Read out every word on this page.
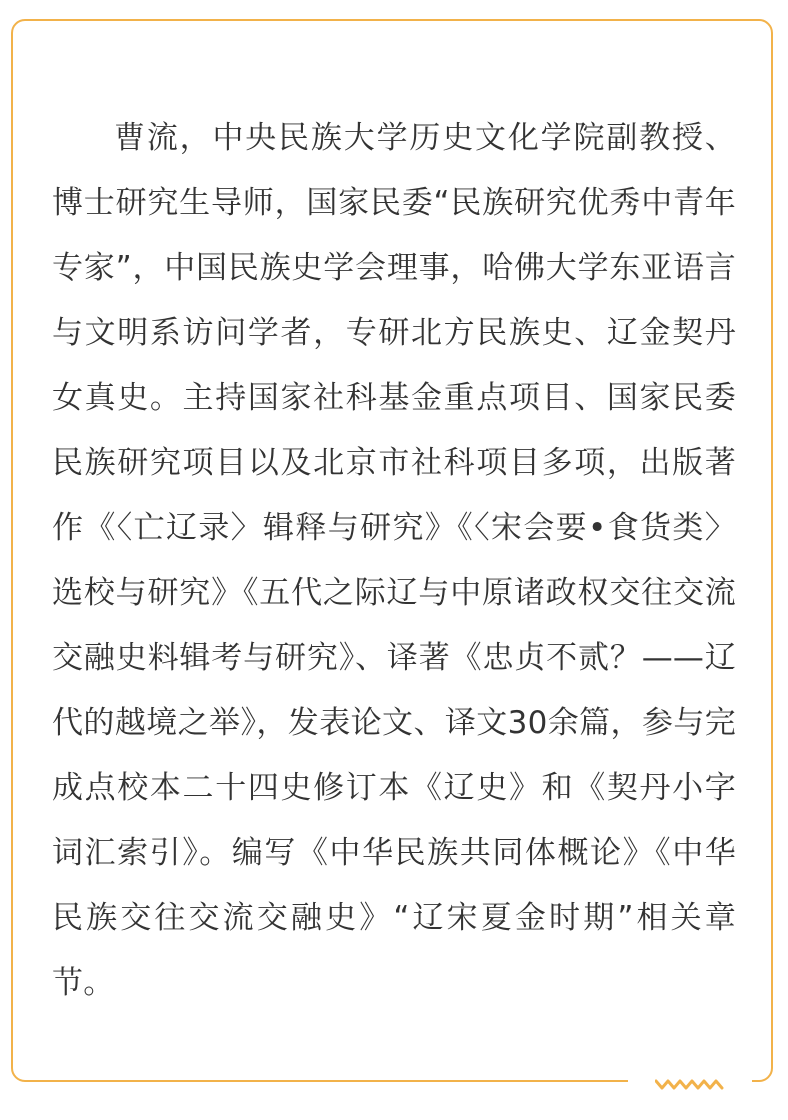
曹流，中央民族大学历史文化学院副教授、博士研究生导师，国家民委“民族研究优秀中青年专家”，中国民族史学会理事，哈佛大学东亚语言与文明系访问学者，专研北方民族史、辽金契丹女真史。主持国家社科基金重点项目、国家民委民族研究项目以及北京市社科项目多项，出版著作《〈亡辽录〉辑释与研究》《〈宋会要•食货类〉选校与研究》《五代之际辽与中原诸政权交往交流交融史料辑考与研究》、译著《忠贞不贰？——辽代的越境之举》，发表论文、译文30余篇，参与完成点校本二十四史修订本《辽史》和《契丹小字词汇索引》。编写《中华民族共同体概论》《中华民族交往交流交融史》“辽宋夏金时期”相关章节。
